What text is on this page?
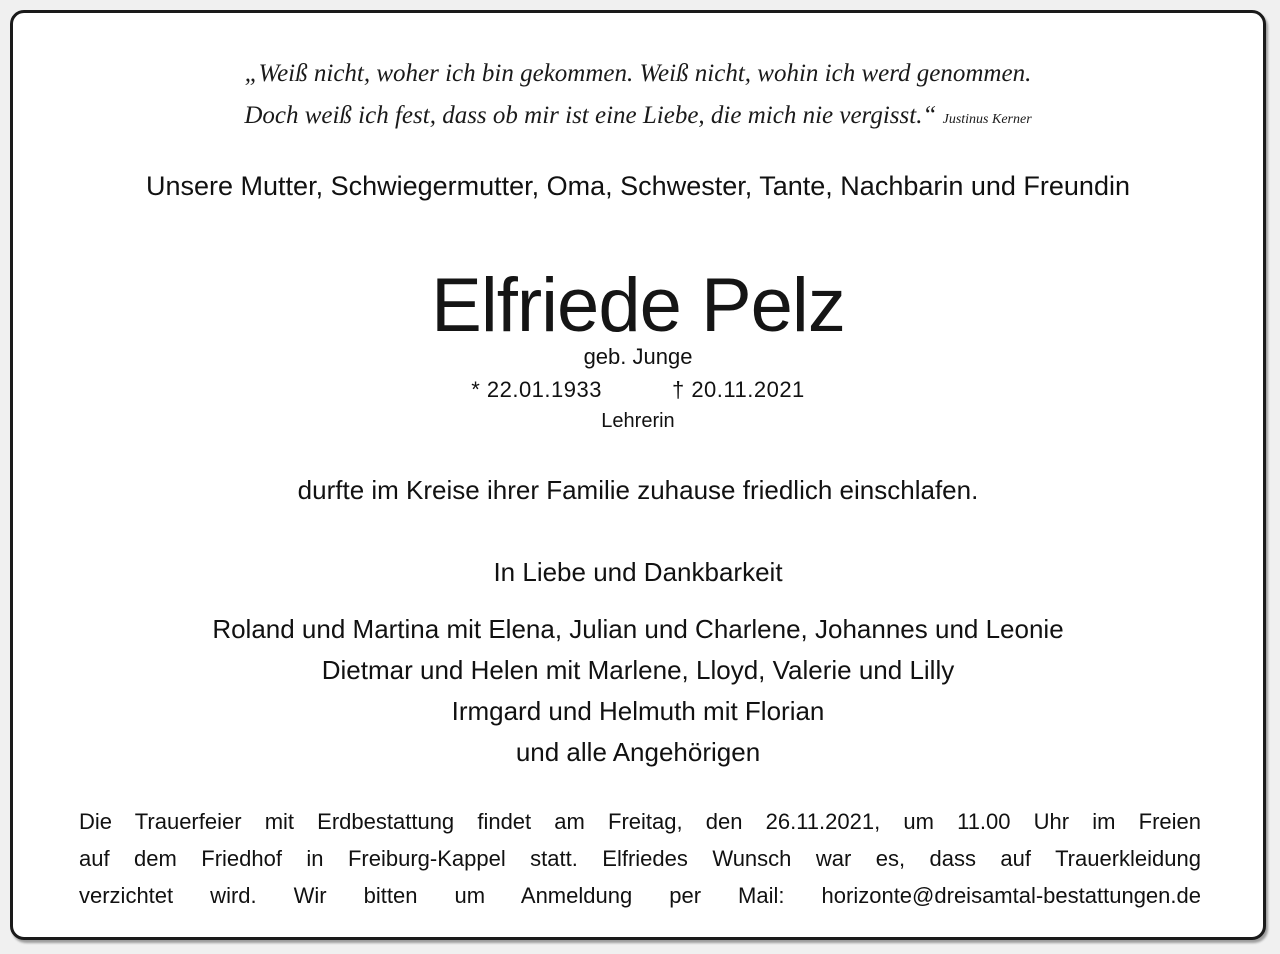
„Weiß nicht, woher ich bin gekommen. Weiß nicht, wohin ich werd genommen.
Doch weiß ich fest, dass ob mir ist eine Liebe, die mich nie vergisst.“ Justinus Kerner
Unsere Mutter, Schwiegermutter, Oma, Schwester, Tante, Nachbarin und Freundin
Elfriede Pelz
geb. Junge
* 22.01.1933	† 20.11.2021
Lehrerin
durfte im Kreise ihrer Familie zuhause friedlich einschlafen.
In Liebe und Dankbarkeit
Roland und Martina mit Elena, Julian und Charlene, Johannes und Leonie
Dietmar und Helen mit Marlene, Lloyd, Valerie und Lilly
Irmgard und Helmuth mit Florian
und alle Angehörigen
Die Trauerfeier mit Erdbestattung findet am Freitag, den 26.11.2021, um 11.00 Uhr im Freien
auf dem Friedhof in Freiburg-Kappel statt. Elfriedes Wunsch war es, dass auf Trauerkleidung
verzichtet wird. Wir bitten um Anmeldung per Mail: horizonte@dreisamtal-bestattungen.de
